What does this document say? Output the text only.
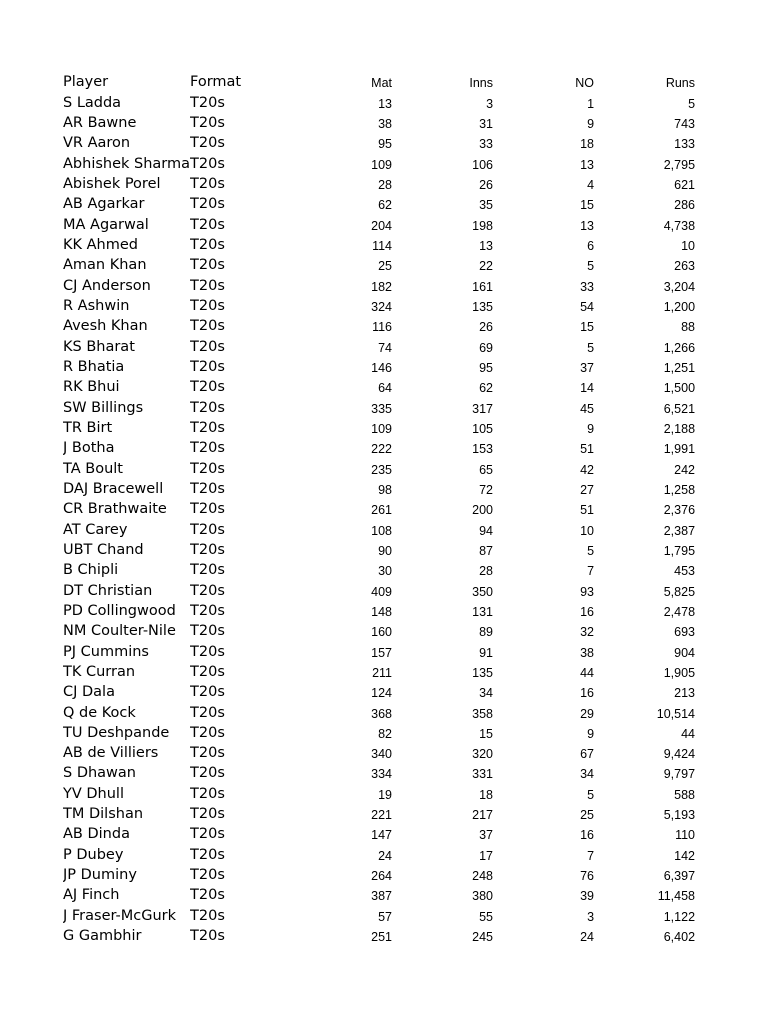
Player	Format	Mat	Inns	NO	Runs
S Ladda	T20s	13	3	1	5
AR Bawne	T20s	38	31	9	743
VR Aaron	T20s	95	33	18	133
Abhishek Sharma	T20s	109	106	13	2,795
Abishek Porel	T20s	28	26	4	621
AB Agarkar	T20s	62	35	15	286
MA Agarwal	T20s	204	198	13	4,738
KK Ahmed	T20s	114	13	6	10
Aman Khan	T20s	25	22	5	263
CJ Anderson	T20s	182	161	33	3,204
R Ashwin	T20s	324	135	54	1,200
Avesh Khan	T20s	116	26	15	88
KS Bharat	T20s	74	69	5	1,266
R Bhatia	T20s	146	95	37	1,251
RK Bhui	T20s	64	62	14	1,500
SW Billings	T20s	335	317	45	6,521
TR Birt	T20s	109	105	9	2,188
J Botha	T20s	222	153	51	1,991
TA Boult	T20s	235	65	42	242
DAJ Bracewell	T20s	98	72	27	1,258
CR Brathwaite	T20s	261	200	51	2,376
AT Carey	T20s	108	94	10	2,387
UBT Chand	T20s	90	87	5	1,795
B Chipli	T20s	30	28	7	453
DT Christian	T20s	409	350	93	5,825
PD Collingwood	T20s	148	131	16	2,478
NM Coulter-Nile	T20s	160	89	32	693
PJ Cummins	T20s	157	91	38	904
TK Curran	T20s	211	135	44	1,905
CJ Dala	T20s	124	34	16	213
Q de Kock	T20s	368	358	29	10,514
TU Deshpande	T20s	82	15	9	44
AB de Villiers	T20s	340	320	67	9,424
S Dhawan	T20s	334	331	34	9,797
YV Dhull	T20s	19	18	5	588
TM Dilshan	T20s	221	217	25	5,193
AB Dinda	T20s	147	37	16	110
P Dubey	T20s	24	17	7	142
JP Duminy	T20s	264	248	76	6,397
AJ Finch	T20s	387	380	39	11,458
J Fraser-McGurk	T20s	57	55	3	1,122
G Gambhir	T20s	251	245	24	6,402
